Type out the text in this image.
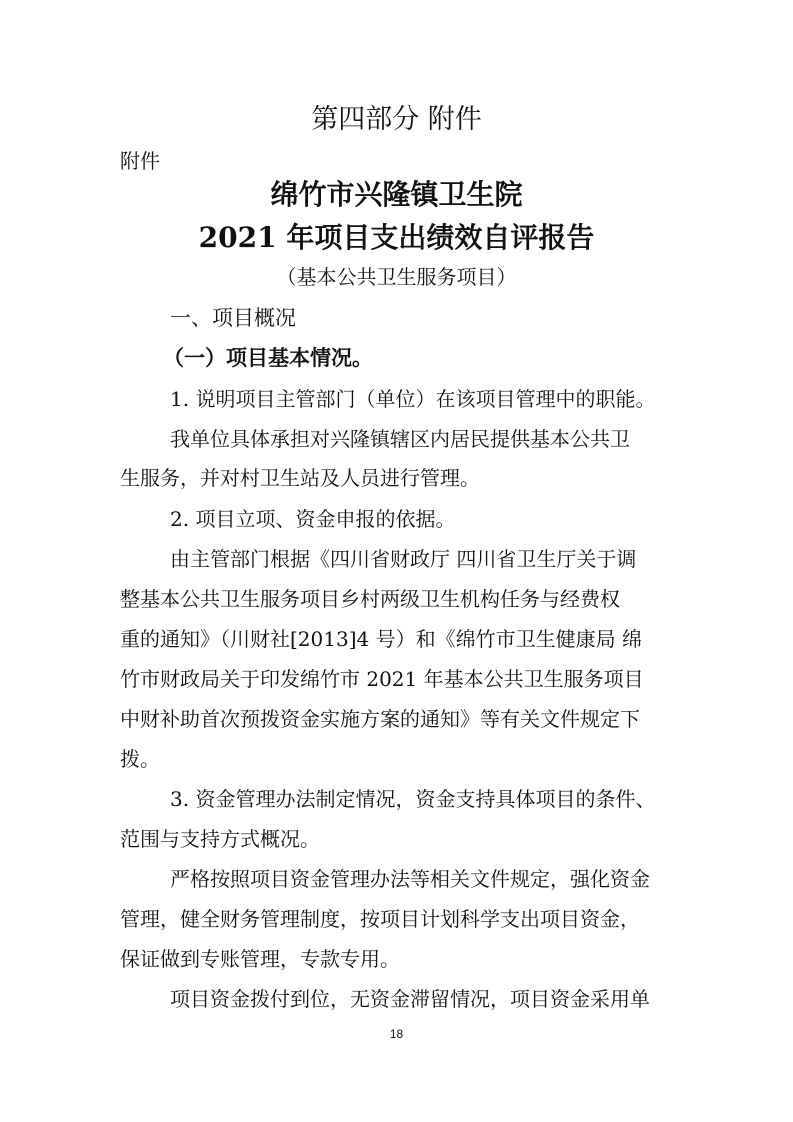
第四部分 附件
附件
绵竹市兴隆镇卫生院
2021 年项目支出绩效自评报告
（基本公共卫生服务项目）
一、项目概况
（一）项目基本情况。
1. 说明项目主管部门（单位）在该项目管理中的职能。
我单位具体承担对兴隆镇辖区内居民提供基本公共卫
生服务，并对村卫生站及人员进行管理。
2. 项目立项、资金申报的依据。
由主管部门根据《四川省财政厅 四川省卫生厅关于调
整基本公共卫生服务项目乡村两级卫生机构任务与经费权
重的通知》（川财社[2013]4 号）和《绵竹市卫生健康局 绵
竹市财政局关于印发绵竹市 2021 年基本公共卫生服务项目
中财补助首次预拨资金实施方案的通知》等有关文件规定下
拨。
3. 资金管理办法制定情况，资金支持具体项目的条件、
范围与支持方式概况。
严格按照项目资金管理办法等相关文件规定，强化资金
管理，健全财务管理制度，按项目计划科学支出项目资金，
保证做到专账管理，专款专用。
项目资金拨付到位，无资金滞留情况，项目资金采用单
18
